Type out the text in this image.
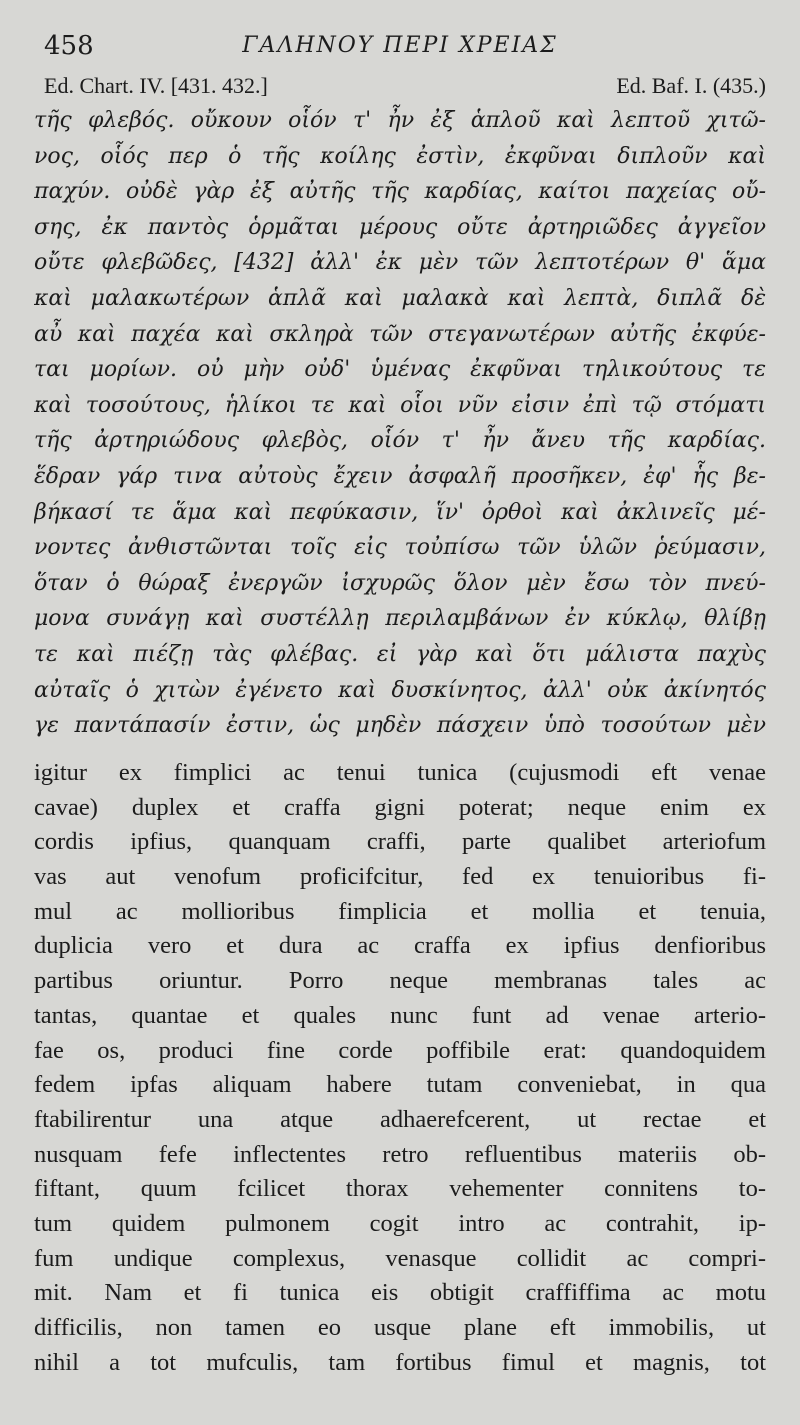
458	ΓΑΛΗΝΟΥ ΠΕΡΙ ΧΡΕΙΑΣ
Ed. Chart. IV. [431. 432.]	Ed. Baf. I. (435.)
τῆς φλεβός. οὔκουν οἷόν τ' ἦν ἐξ ἁπλοῦ καὶ λεπτοῦ χιτῶ-
νος, οἷός περ ὁ τῆς κοίλης ἐστὶν, ἐκφῦναι διπλοῦν καὶ
παχύν. οὐδὲ γὰρ ἐξ αὐτῆς τῆς καρδίας, καίτοι παχείας οὔ-
σης, ἐκ παντὸς ὁρμᾶται μέρους οὔτε ἀρτηριῶδες ἀγγεῖον
οὔτε φλεβῶδες, [432] ἀλλ' ἐκ μὲν τῶν λεπτοτέρων θ' ἅμα
καὶ μαλακωτέρων ἁπλᾶ καὶ μαλακὰ καὶ λεπτὰ, διπλᾶ δὲ
αὖ καὶ παχέα καὶ σκληρὰ τῶν στεγανωτέρων αὐτῆς ἐκφύε-
ται μορίων. οὐ μὴν οὐδ' ὑμένας ἐκφῦναι τηλικούτους τε
καὶ τοσούτους, ἡλίκοι τε καὶ οἷοι νῦν εἰσιν ἐπὶ τῷ στόματι
τῆς ἀρτηριώδους φλεβὸς, οἷόν τ' ἦν ἄνευ τῆς καρδίας.
ἕδραν γάρ τινα αὐτοὺς ἔχειν ἀσφαλῆ προσῆκεν, ἐφ' ἧς βε-
βήκασί τε ἅμα καὶ πεφύκασιν, ἵν' ὀρθοὶ καὶ ἀκλινεῖς μέ-
νοντες ἀνθιστῶνται τοῖς εἰς τοὐπίσω τῶν ὑλῶν ῥεύμασιν,
ὅταν ὁ θώραξ ἐνεργῶν ἰσχυρῶς ὅλον μὲν ἔσω τὸν πνεύ-
μονα συνάγῃ καὶ συστέλλῃ περιλαμβάνων ἐν κύκλῳ, θλίβῃ
τε καὶ πιέζῃ τὰς φλέβας. εἰ γὰρ καὶ ὅτι μάλιστα παχὺς
αὐταῖς ὁ χιτὼν ἐγένετο καὶ δυσκίνητος, ἀλλ' οὐκ ἀκίνητός
γε παντάπασίν ἐστιν, ὡς μηδὲν πάσχειν ὑπὸ τοσούτων μὲν
igitur ex fimplici ac tenui tunica (cujusmodi eft venae
cavae) duplex et craffa gigni poterat; neque enim ex
cordis ipfius, quanquam craffi, parte qualibet arteriofum
vas aut venofum proficifcitur, fed ex tenuioribus fi-
mul ac mollioribus fimplicia et mollia et tenuia,
duplicia vero et dura ac craffa ex ipfius denfioribus
partibus oriuntur. Porro neque membranas tales ac
tantas, quantae et quales nunc funt ad venae arterio-
fae os, produci fine corde poffibile erat: quandoquidem
fedem ipfas aliquam habere tutam conveniebat, in qua
ftabilirentur una atque adhaerefcerent, ut rectae et
nusquam fefe inflectentes retro refluentibus materiis ob-
fiftant, quum fcilicet thorax vehementer connitens to-
tum quidem pulmonem cogit intro ac contrahit, ip-
fum undique complexus, venasque collidit ac compri-
mit. Nam et fi tunica eis obtigit craffiffima ac motu
difficilis, non tamen eo usque plane eft immobilis, ut
nihil a tot mufculis, tam fortibus fimul et magnis, tot
